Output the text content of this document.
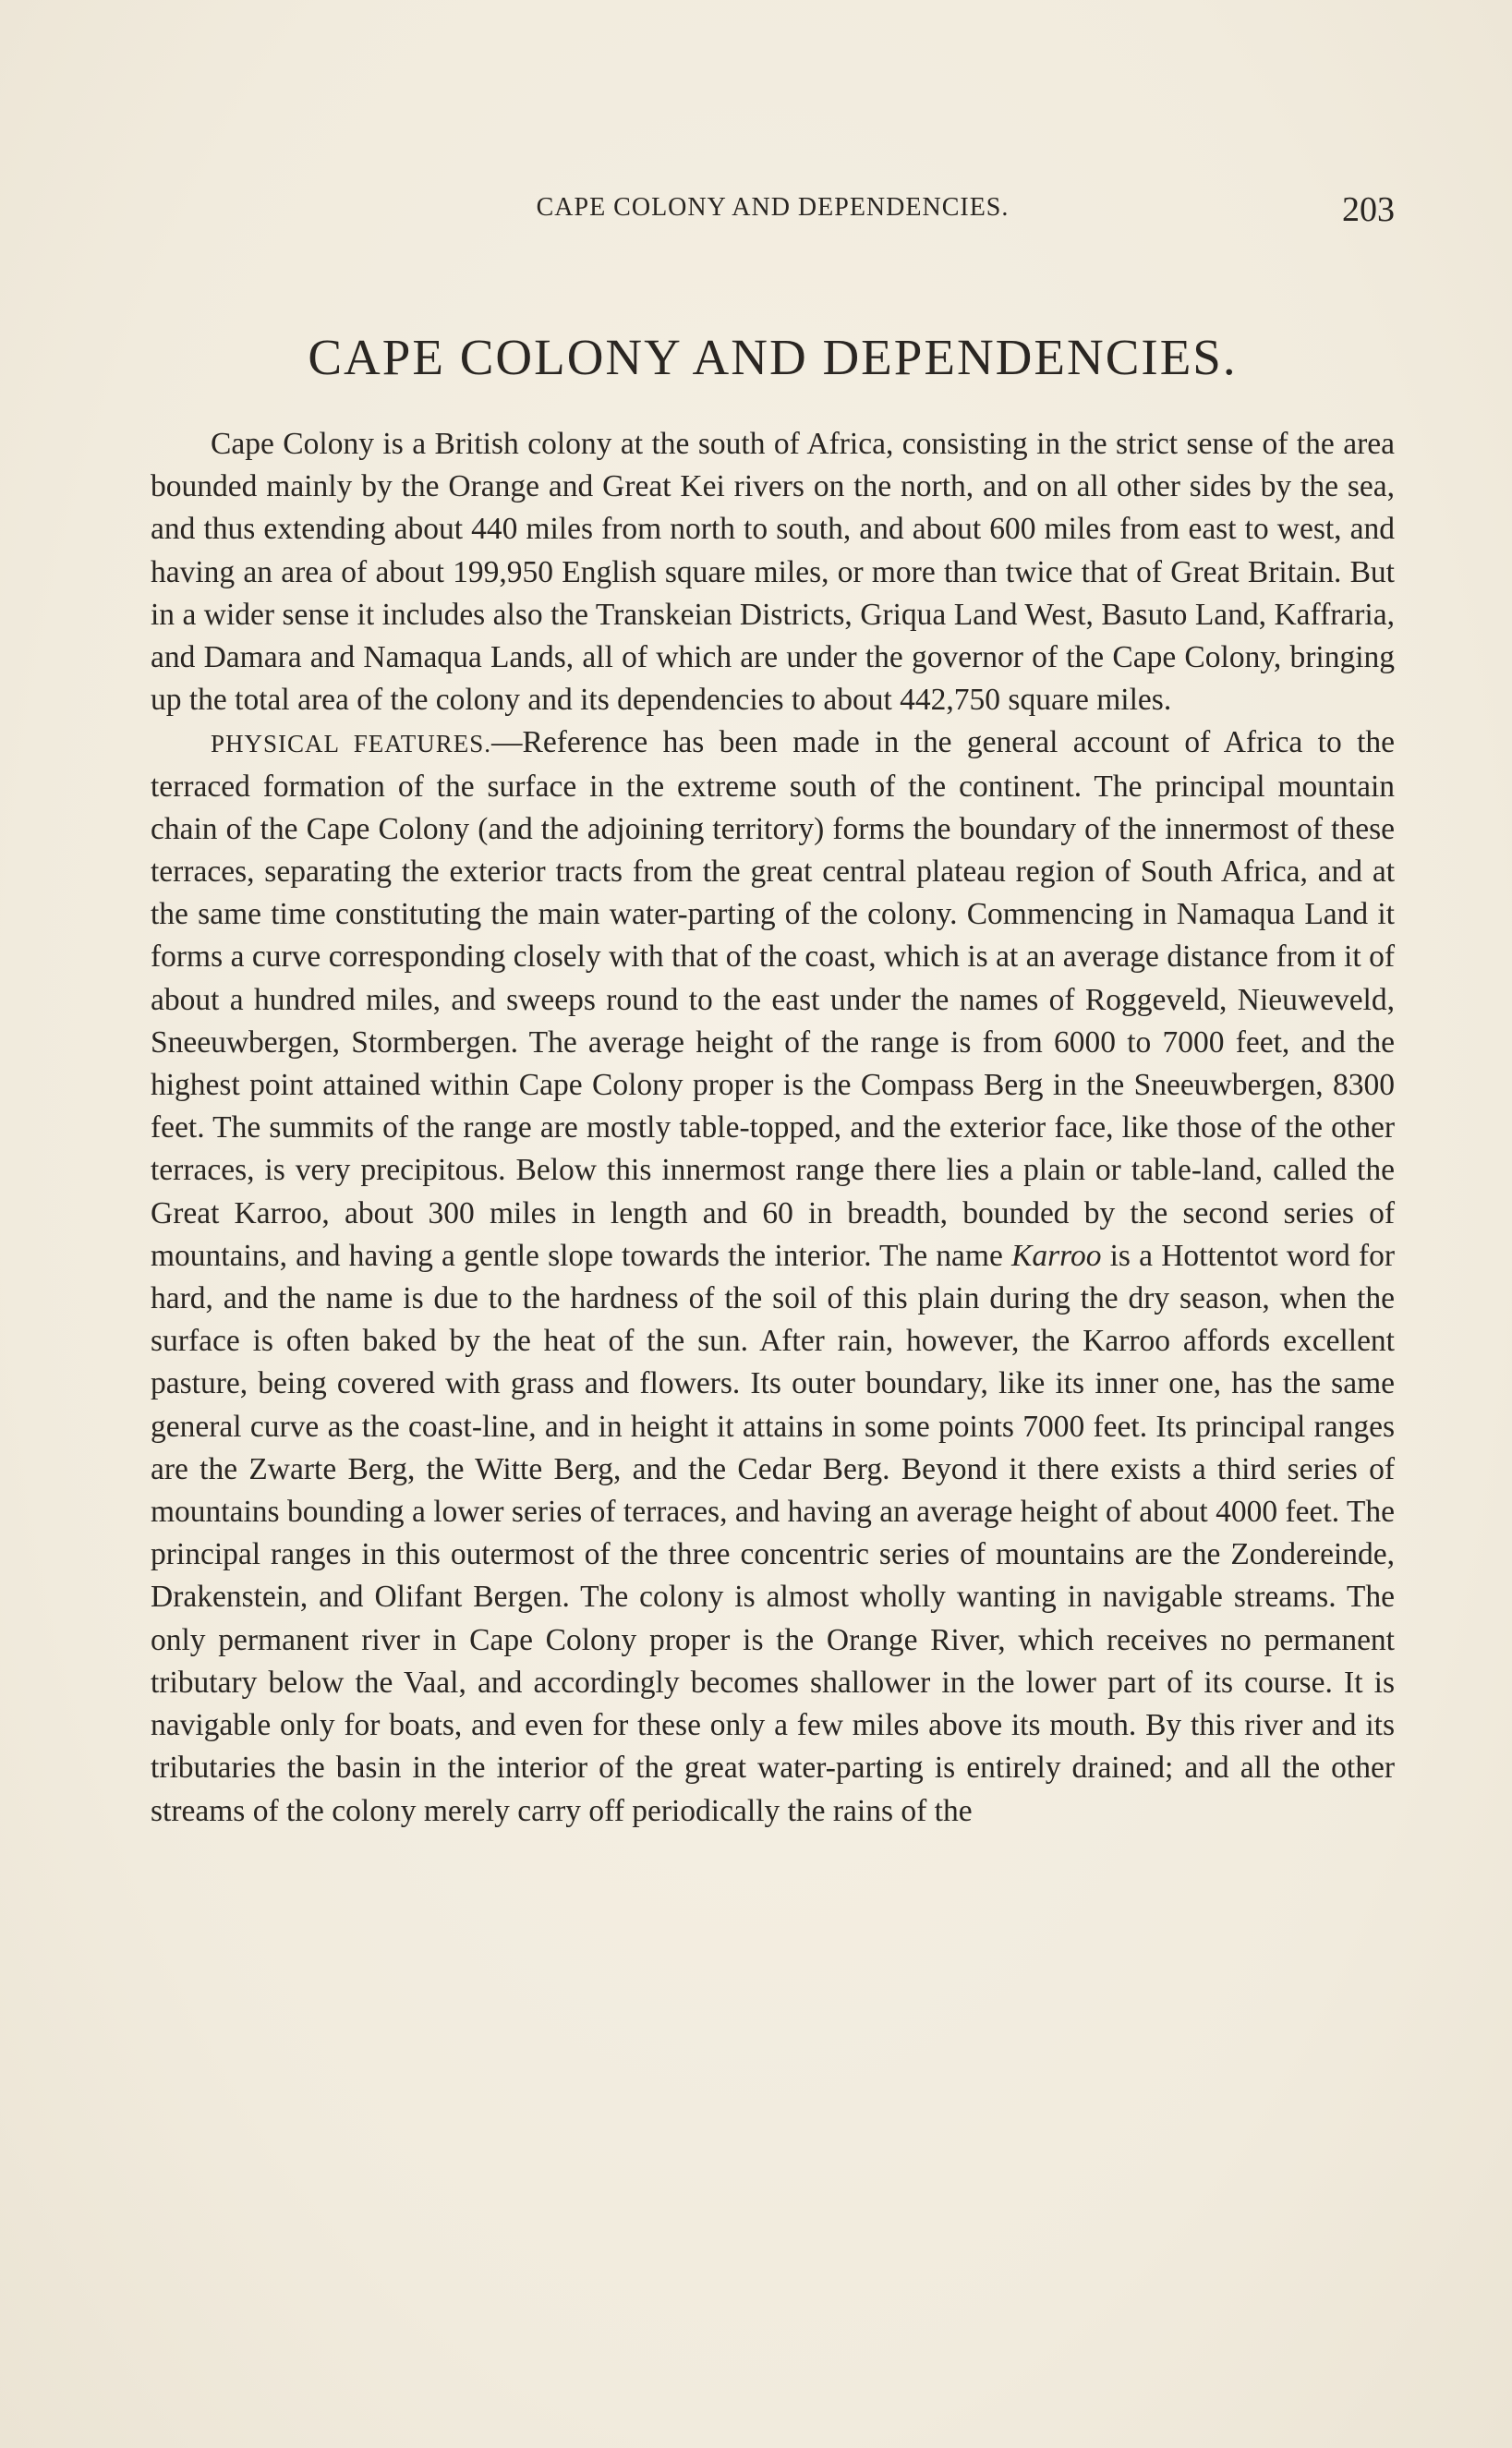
CAPE COLONY AND DEPENDENCIES.	203
CAPE COLONY AND DEPENDENCIES.

Cape Colony is a British colony at the south of Africa, consisting in the strict sense of the area bounded mainly by the Orange and Great Kei rivers on the north, and on all other sides by the sea, and thus extending about 440 miles from north to south, and about 600 miles from east to west, and having an area of about 199,950 English square miles, or more than twice that of Great Britain. But in a wider sense it includes also the Transkeian Districts, Griqua Land West, Basuto Land, Kaffraria, and Damara and Namaqua Lands, all of which are under the governor of the Cape Colony, bringing up the total area of the colony and its dependencies to about 442,750 square miles.

PHYSICAL FEATURES.—Reference has been made in the general account of Africa to the terraced formation of the surface in the extreme south of the continent. The principal mountain chain of the Cape Colony (and the adjoining territory) forms the boundary of the innermost of these terraces, separating the exterior tracts from the great central plateau region of South Africa, and at the same time constituting the main water-parting of the colony. Commencing in Namaqua Land it forms a curve corresponding closely with that of the coast, which is at an average distance from it of about a hundred miles, and sweeps round to the east under the names of Roggeveld, Nieuweveld, Sneeuwbergen, Stormbergen. The average height of the range is from 6000 to 7000 feet, and the highest point attained within Cape Colony proper is the Compass Berg in the Sneeuwbergen, 8300 feet. The summits of the range are mostly table-topped, and the exterior face, like those of the other terraces, is very precipitous. Below this innermost range there lies a plain or table-land, called the Great Karroo, about 300 miles in length and 60 in breadth, bounded by the second series of mountains, and having a gentle slope towards the interior. The name Karroo is a Hottentot word for hard, and the name is due to the hardness of the soil of this plain during the dry season, when the surface is often baked by the heat of the sun. After rain, however, the Karroo affords excellent pasture, being covered with grass and flowers. Its outer boundary, like its inner one, has the same general curve as the coast-line, and in height it attains in some points 7000 feet. Its principal ranges are the Zwarte Berg, the Witte Berg, and the Cedar Berg. Beyond it there exists a third series of mountains bounding a lower series of terraces, and having an average height of about 4000 feet. The principal ranges in this outermost of the three concentric series of mountains are the Zondereinde, Drakenstein, and Olifant Bergen. The colony is almost wholly wanting in navigable streams. The only permanent river in Cape Colony proper is the Orange River, which receives no permanent tributary below the Vaal, and accordingly becomes shallower in the lower part of its course. It is navigable only for boats, and even for these only a few miles above its mouth. By this river and its tributaries the basin in the interior of the great water-parting is entirely drained; and all the other streams of the colony merely carry off periodically the rains of the
